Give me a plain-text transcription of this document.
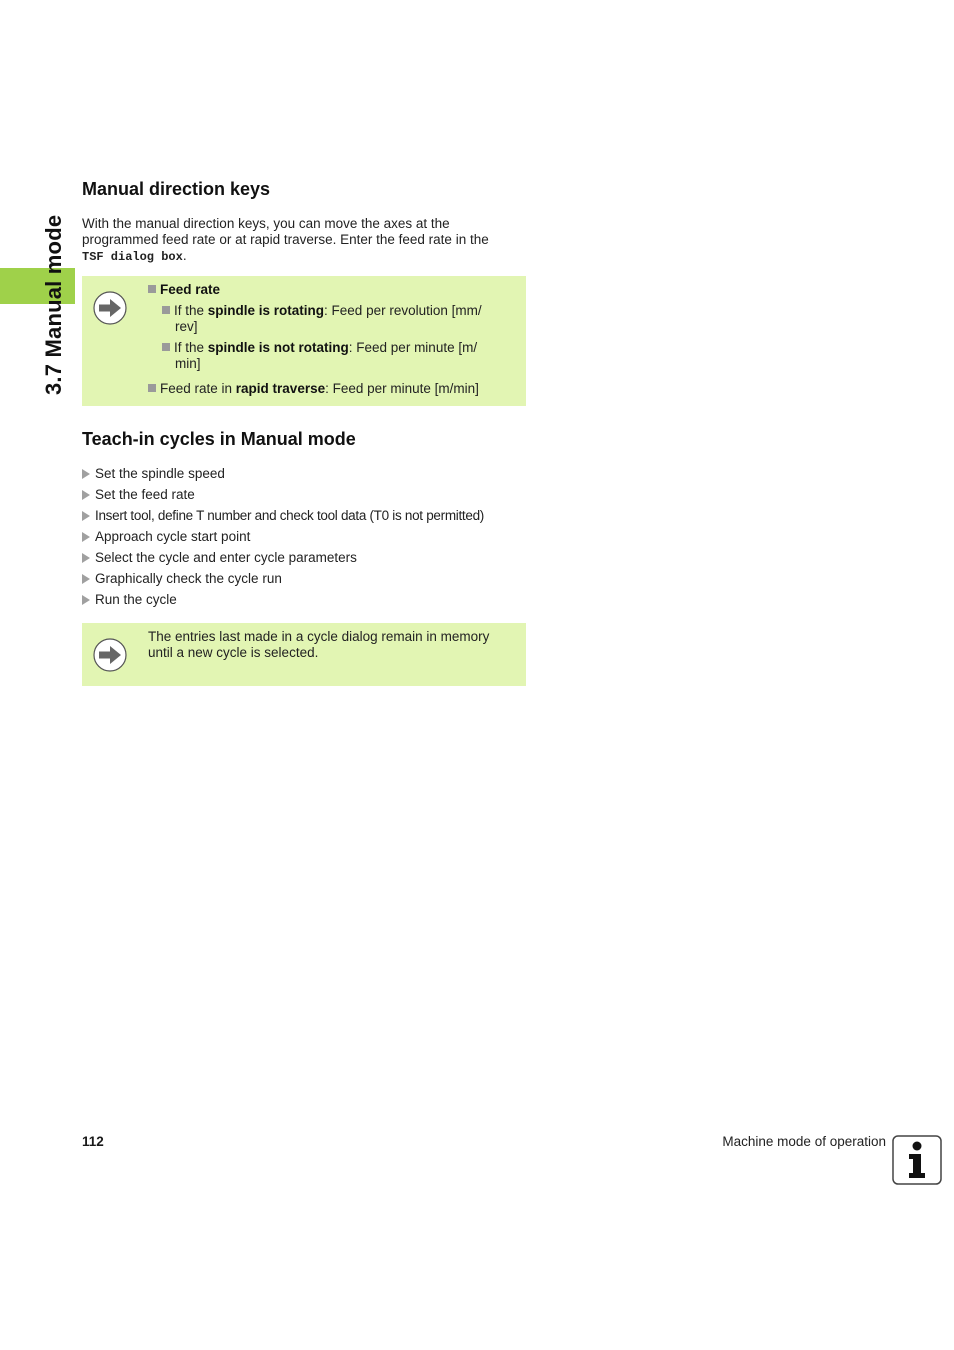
3.7 Manual mode
Manual direction keys
With the manual direction keys, you can move the axes at the programmed feed rate or at rapid traverse. Enter the feed rate in the
TSF dialog box.
Feed rate
If the spindle is rotating: Feed per revolution [mm/
rev]
If the spindle is not rotating: Feed per minute [m/
min]
Feed rate in rapid traverse: Feed per minute [m/min]
Teach-in cycles in Manual mode
Set the spindle speed
Set the feed rate
Insert tool, define T number and check tool data (T0 is not permitted)
Approach cycle start point
Select the cycle and enter cycle parameters
Graphically check the cycle run
Run the cycle
The entries last made in a cycle dialog remain in memory
until a new cycle is selected.
112	Machine mode of operation
